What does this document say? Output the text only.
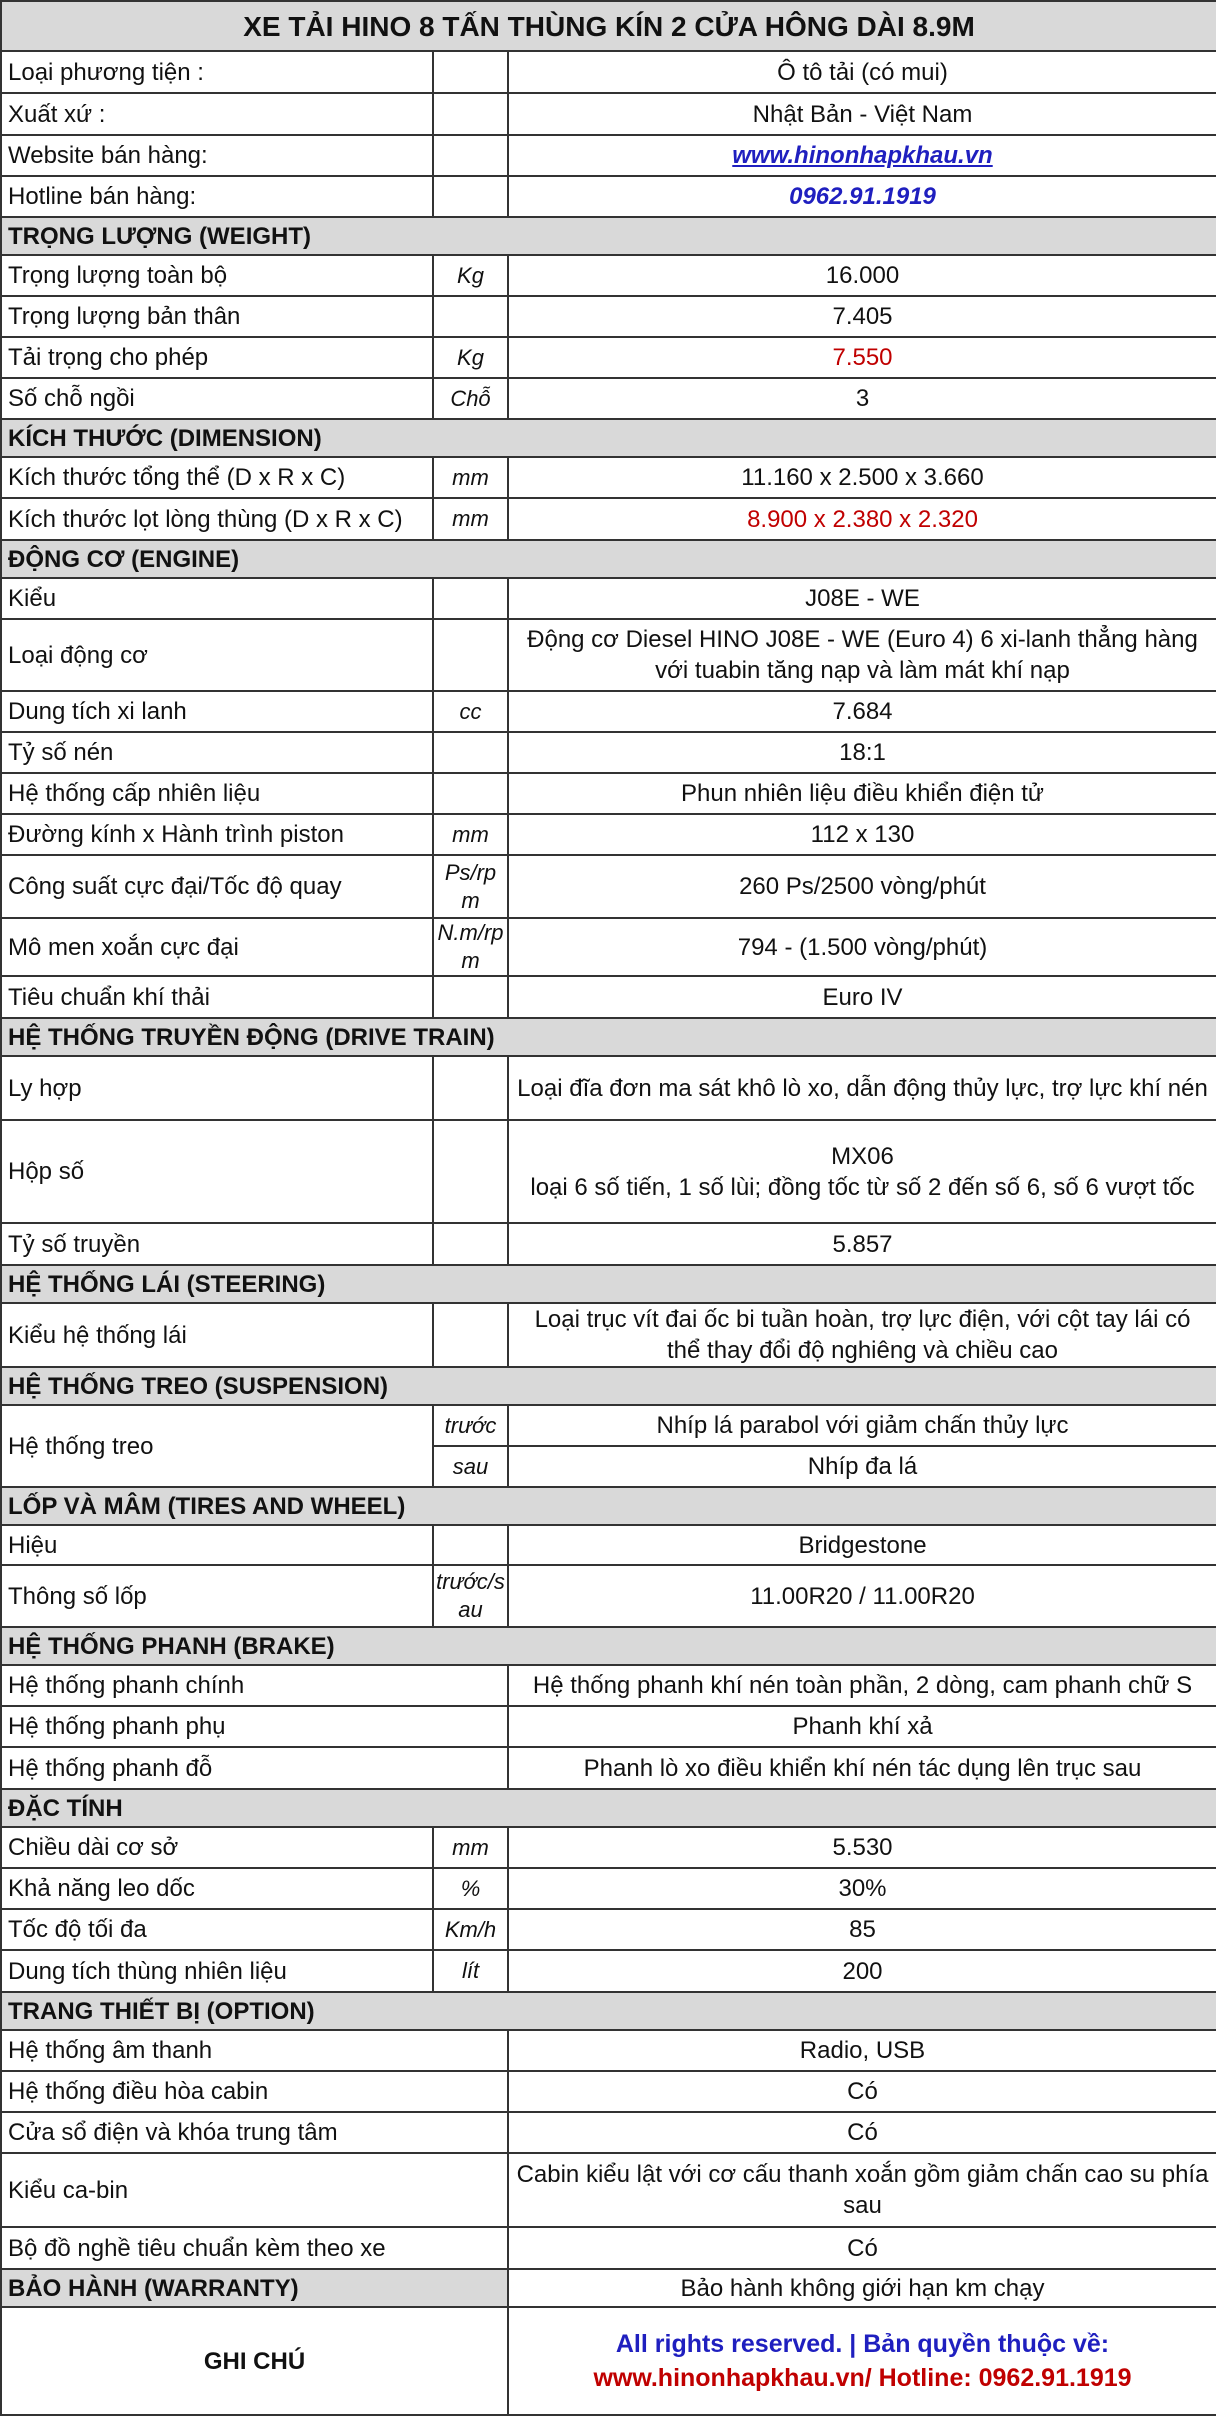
XE TẢI HINO 8 TẤN THÙNG KÍN 2 CỬA HÔNG DÀI 8.9M		
Loại phương tiện :		Ô tô tải (có mui)
Xuất xứ :		Nhật Bản - Việt Nam
Website bán hàng:		www.hinonhapkhau.vn
Hotline bán hàng:		0962.91.1919
TRỌNG LƯỢNG (WEIGHT)		
Trọng lượng toàn bộ	Kg	16.000
Trọng lượng bản thân		7.405
Tải trọng cho phép	Kg	7.550
Số chỗ ngồi	Chỗ	3
KÍCH THƯỚC (DIMENSION)		
Kích thước tổng thể (D x R x C)	mm	11.160 x 2.500 x 3.660
Kích thước lọt lòng thùng (D x R x C)	mm	8.900 x 2.380 x 2.320
ĐỘNG CƠ (ENGINE)		
Kiểu		J08E - WE
Loại động cơ		Động cơ Diesel HINO J08E - WE (Euro 4) 6 xi-lanh thẳng hàng với tuabin tăng nạp và làm mát khí nạp
Dung tích xi lanh	cc	7.684
Tỷ số nén		18:1
Hệ thống cấp nhiên liệu		Phun nhiên liệu điều khiển điện tử
Đường kính x Hành trình piston	mm	112 x 130
Công suất cực đại/Tốc độ quay	Ps/rpm	260 Ps/2500 vòng/phút
Mô men xoắn cực đại	N.m/rpm	794 - (1.500 vòng/phút)
Tiêu chuẩn khí thải		Euro IV
HỆ THỐNG TRUYỀN ĐỘNG (DRIVE TRAIN)		
Ly hợp		Loại đĩa đơn ma sát khô lò xo, dẫn động thủy lực, trợ lực khí nén
Hộp số		MX06
loại 6 số tiến, 1 số lùi; đồng tốc từ số 2 đến số 6, số 6 vượt tốc

Tỷ số truyền		5.857
HỆ THỐNG LÁI (STEERING)		
Kiểu hệ thống lái		Loại trục vít đai ốc bi tuần hoàn, trợ lực điện, với cột tay lái có thể thay đổi độ nghiêng và chiều cao
HỆ THỐNG TREO (SUSPENSION)		
Hệ thống treo	trước	Nhíp lá parabol với giảm chấn thủy lực
	sau	Nhíp đa lá
LỐP VÀ MÂM (TIRES AND WHEEL)		
Hiệu		Bridgestone
Thông số lốp	trước/sau	11.00R20 / 11.00R20
HỆ THỐNG PHANH (BRAKE)		
Hệ thống phanh chính		Hệ thống phanh khí nén toàn phần, 2 dòng, cam phanh chữ S
Hệ thống phanh phụ		Phanh khí xả
Hệ thống phanh đỗ		Phanh lò xo điều khiển khí nén tác dụng lên trục sau
ĐẶC TÍNH		
Chiều dài cơ sở	mm	5.530
Khả năng leo dốc	%	30%
Tốc độ tối đa	Km/h	85
Dung tích thùng nhiên liệu	lít	200
TRANG THIẾT BỊ (OPTION)		
Hệ thống âm thanh		Radio, USB
Hệ thống điều hòa cabin		Có
Cửa sổ điện và khóa trung tâm		Có
Kiểu ca-bin		Cabin kiểu lật với cơ cấu thanh xoắn gồm giảm chấn cao su phía sau
Bộ đồ nghề tiêu chuẩn kèm theo xe		Có
BẢO HÀNH (WARRANTY)		Bảo hành không giới hạn km chạy
GHI CHÚ		All rights reserved. | Bản quyền thuộc về:
www.hinonhapkhau.vn/ Hotline: 0962.91.1919
